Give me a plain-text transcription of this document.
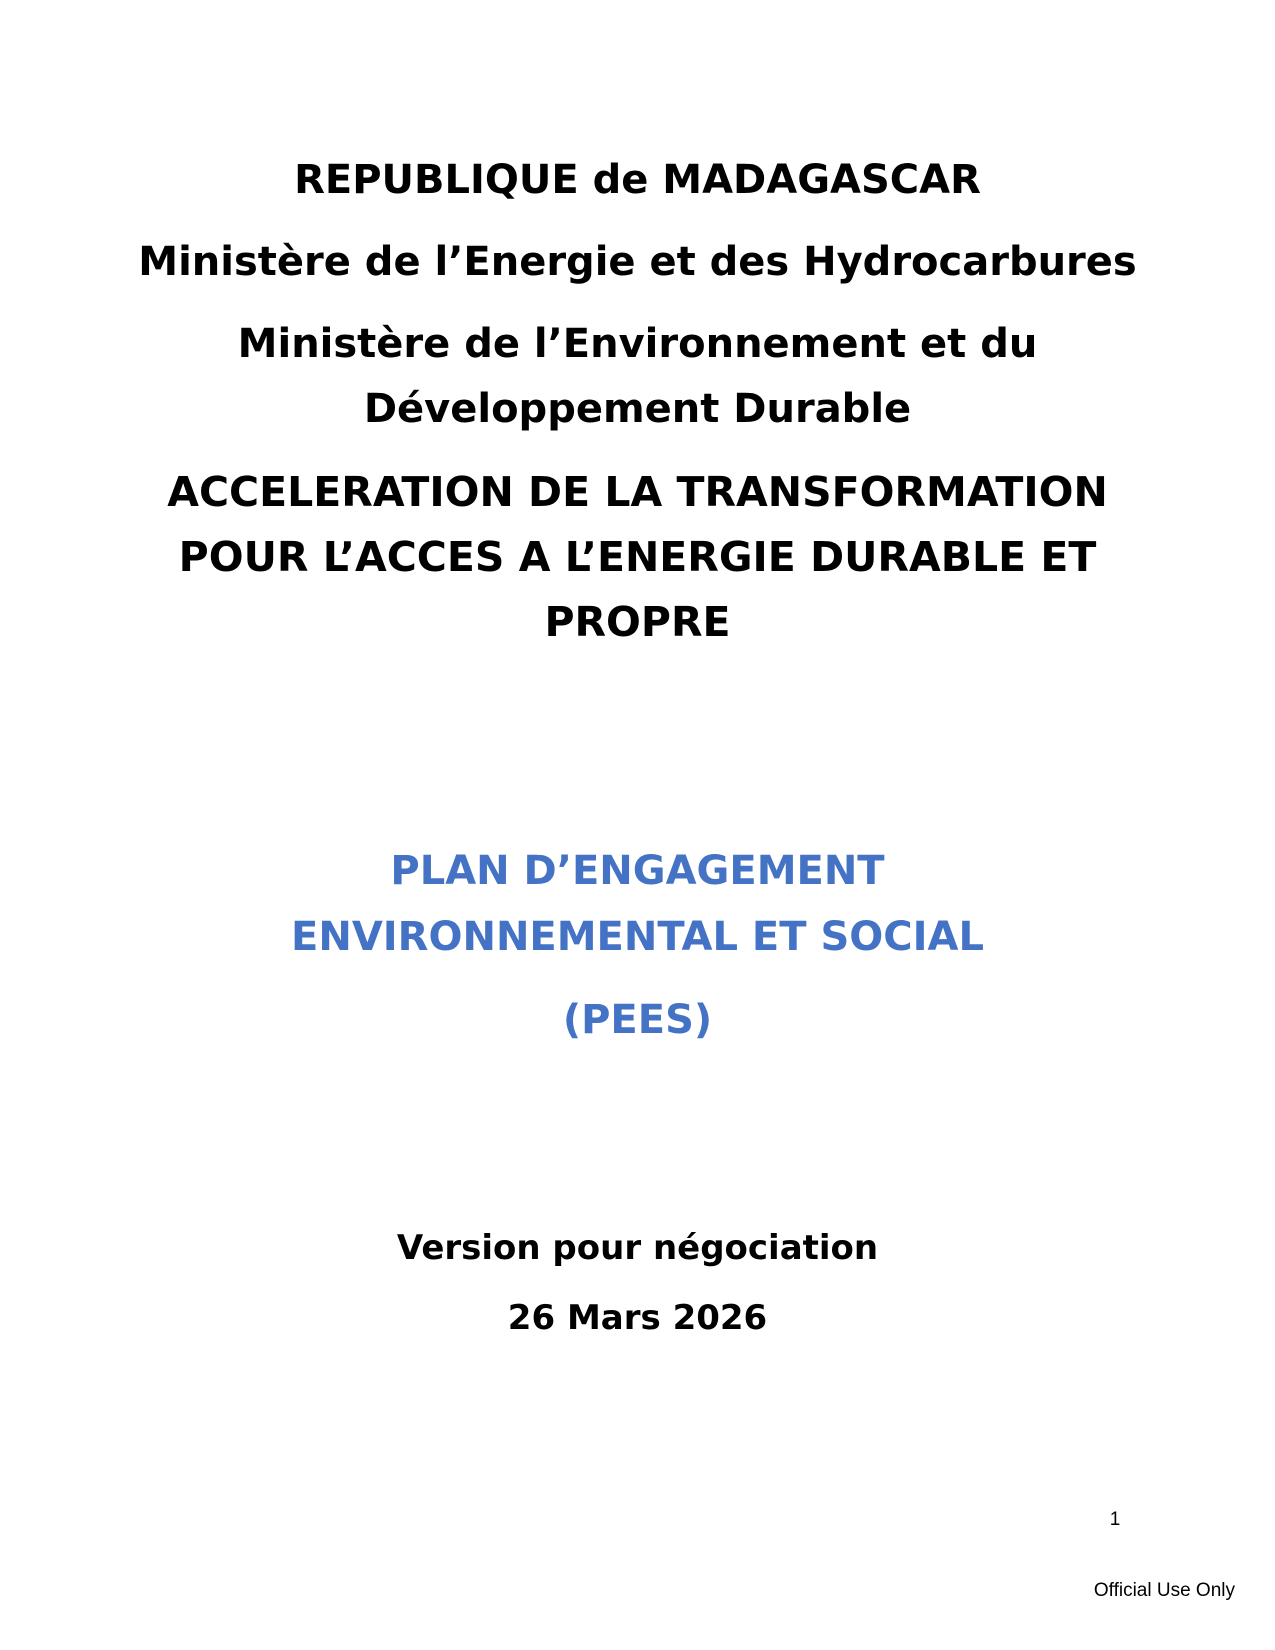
REPUBLIQUE de MADAGASCAR
Ministère de l’Energie et des Hydrocarbures
Ministère de l’Environnement et du
Développement Durable
ACCELERATION DE LA TRANSFORMATION
POUR L’ACCES A L’ENERGIE DURABLE ET
PROPRE
PLAN D’ENGAGEMENT
ENVIRONNEMENTAL ET SOCIAL
(PEES)
Version pour négociation
26 Mars 2026
1
Official Use Only
